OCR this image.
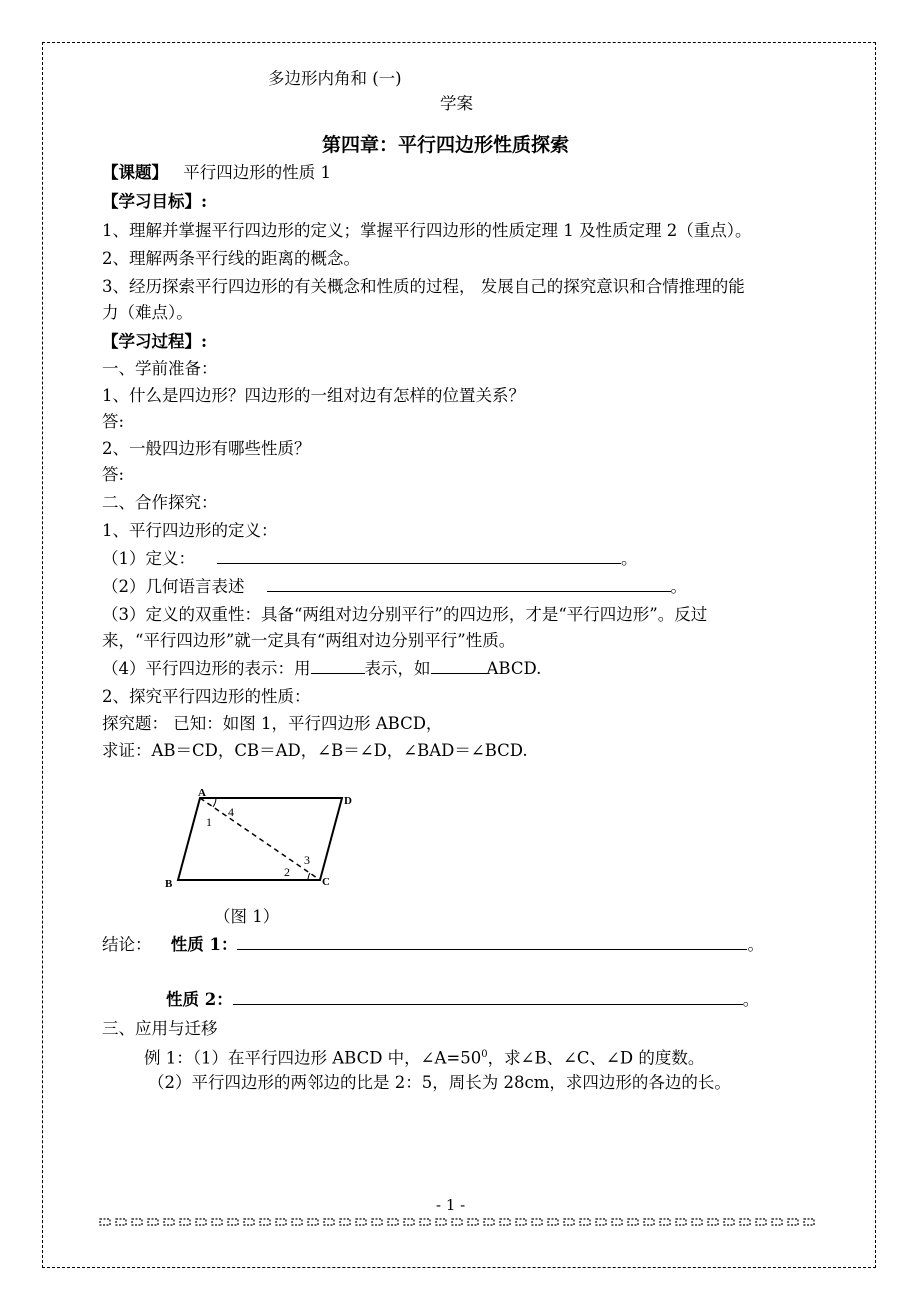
多边形内角和 (一)
学案
第四章：平行四边形性质探索
【课题】 平行四边形的性质 1
【学习目标】:
1、理解并掌握平行四边形的定义；掌握平行四边形的性质定理 1 及性质定理 2（重点）。
2、理解两条平行线的距离的概念。
3、经历探索平行四边形的有关概念和性质的过程， 发展自己的探究意识和合情推理的能
力（难点）。
【学习过程】:
一、学前准备：
1、什么是四边形？四边形的一组对边有怎样的位置关系？
答:
2、一般四边形有哪些性质？
答:
二、合作探究：
1、平行四边形的定义：
（1）定义：	。
（2）几何语言表述	。
（3）定义的双重性：具备“两组对边分别平行”的四边形，才是“平行四边形”。反过
来，“平行四边形”就一定具有“两组对边分别平行”性质。
（4）平行四边形的表示：用	表示，如	ABCD.
2、探究平行四边形的性质：
探究题： 已知：如图 1，平行四边形 ABCD，
求证：AB＝CD，CB＝AD，∠B＝∠D，∠BAD＝∠BCD.
A
D
B	C
1
4
3
2
（图 1）
结论： 性质 1：	。
性质 2：	。
三、应用与迁移
例 1：（1）在平行四边形 ABCD 中，$\angle A=50^0$，求∠B、∠C、∠D 的度数。
（2）平行四边形的两邻边的比是 2：5，周长为 28cm，求四边形的各边的长。
- 1 -
